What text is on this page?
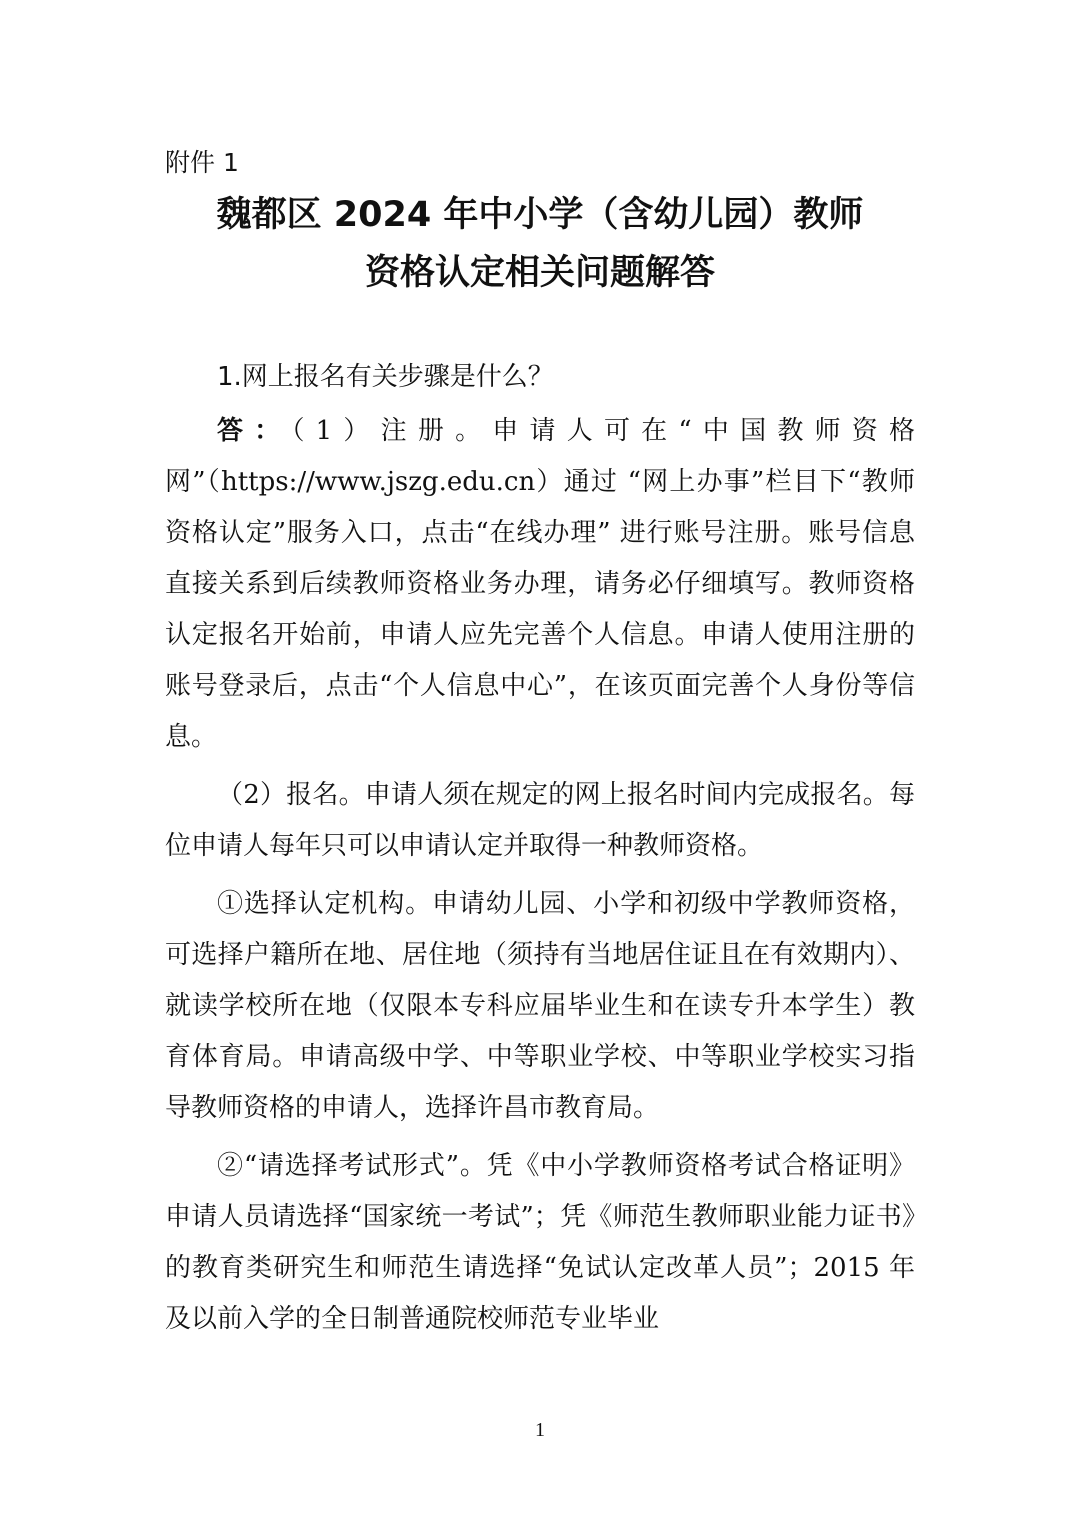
附件 1

魏都区 2024 年中小学（含幼儿园）教师
资格认定相关问题解答

1.网上报名有关步骤是什么？

答：（1）注册。申请人可在“中国教师资格网”（https://www.jszg.edu.cn）通过 “网上办事”栏目下“教师资格认定”服务入口，点击“在线办理” 进行账号注册。账号信息直接关系到后续教师资格业务办理，请务必仔细填写。教师资格认定报名开始前，申请人应先完善个人信息。申请人使用注册的账号登录后，点击“个人信息中心”，在该页面完善个人身份等信息。

（2）报名。申请人须在规定的网上报名时间内完成报名。每位申请人每年只可以申请认定并取得一种教师资格。

①选择认定机构。申请幼儿园、小学和初级中学教师资格，可选择户籍所在地、居住地（须持有当地居住证且在有效期内）、就读学校所在地（仅限本专科应届毕业生和在读专升本学生）教育体育局。申请高级中学、中等职业学校、中等职业学校实习指导教师资格的申请人，选择许昌市教育局。

②“请选择考试形式”。凭《中小学教师资格考试合格证明》申请人员请选择“国家统一考试”；凭《师范生教师职业能力证书》的教育类研究生和师范生请选择“免试认定改革人员”；2015 年及以前入学的全日制普通院校师范专业毕业

1
